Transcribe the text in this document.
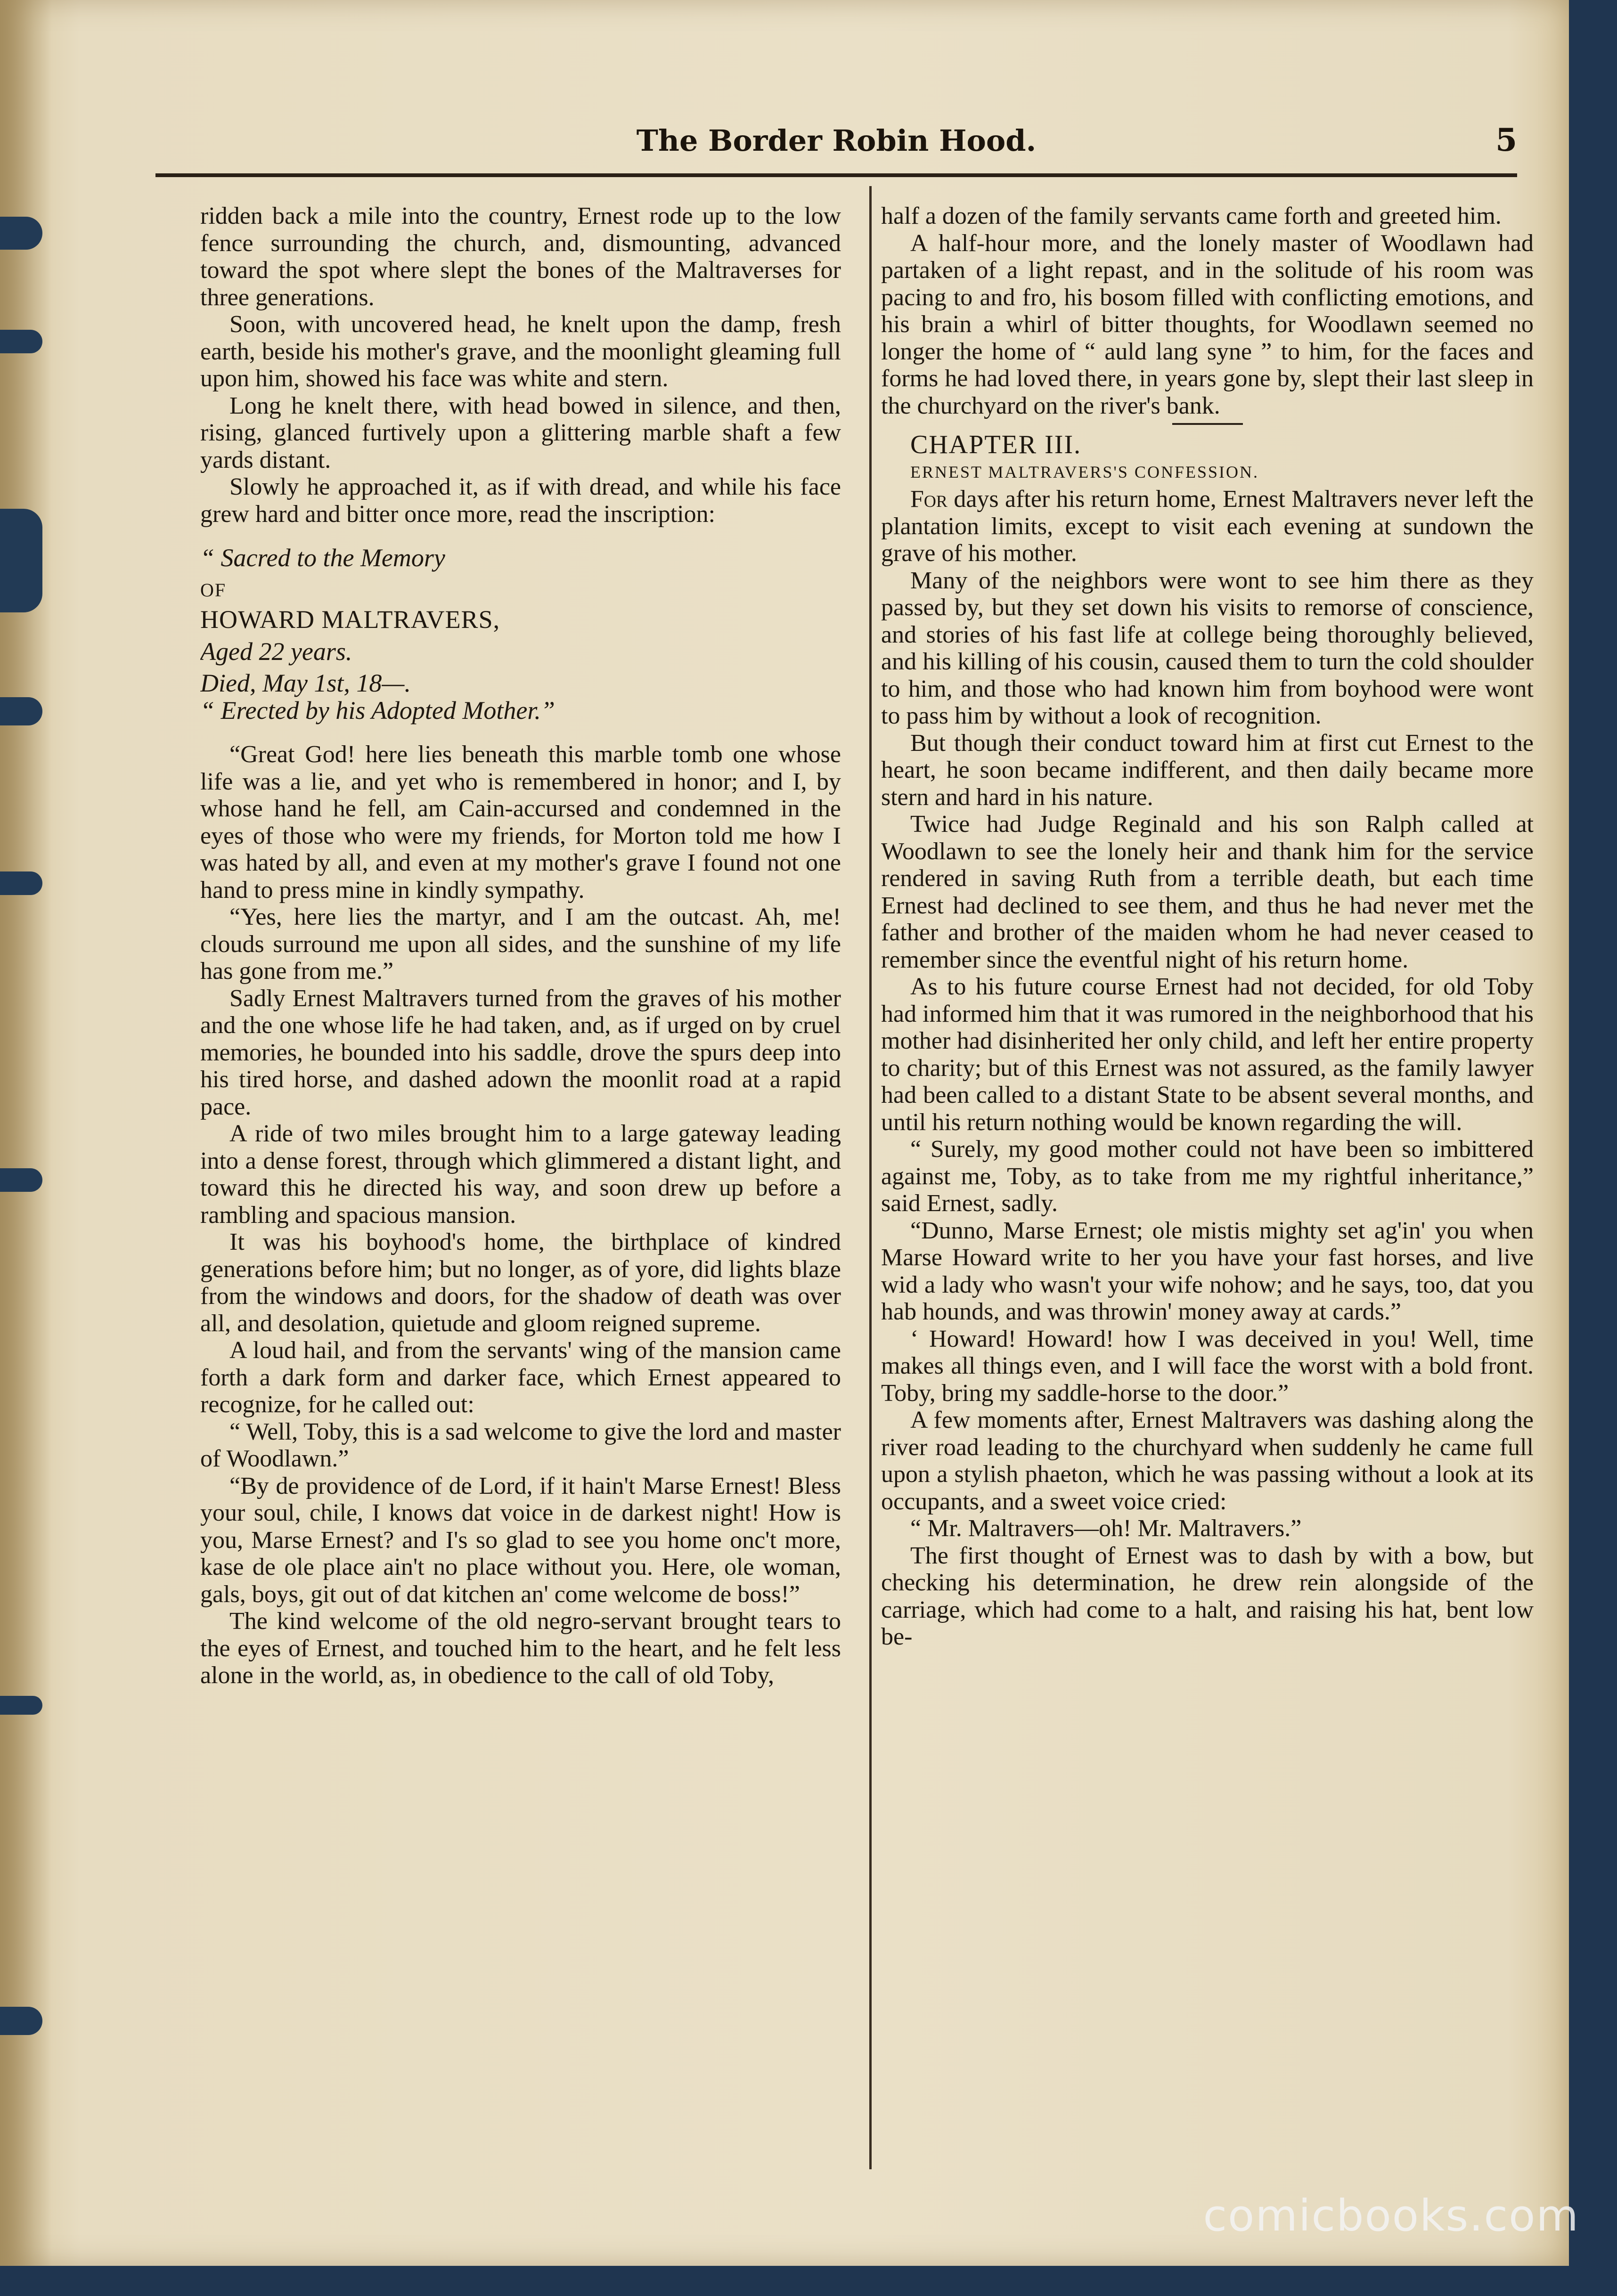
The Border Robin Hood.	5

ridden back a mile into the country, Ernest rode up to the low fence surrounding the church, and, dismounting, advanced toward the spot where slept the bones of the Maltraverses for three generations.

Soon, with uncovered head, he knelt upon the damp, fresh earth, beside his mother's grave, and the moonlight gleaming full upon him, showed his face was white and stern.

Long he knelt there, with head bowed in silence, and then, rising, glanced furtively upon a glittering marble shaft a few yards distant.

Slowly he approached it, as if with dread, and while his face grew hard and bitter once more, read the inscription:

“ Sacred to the Memory

OF

HOWARD MALTRAVERS,

Aged 22 years.

Died, May 1st, 18—.

“ Erected by his Adopted Mother.”

“Great God! here lies beneath this marble tomb one whose life was a lie, and yet who is remembered in honor; and I, by whose hand he fell, am Cain-accursed and condemned in the eyes of those who were my friends, for Morton told me how I was hated by all, and even at my mother's grave I found not one hand to press mine in kindly sympathy.

“Yes, here lies the martyr, and I am the outcast. Ah, me! clouds surround me upon all sides, and the sunshine of my life has gone from me.”

Sadly Ernest Maltravers turned from the graves of his mother and the one whose life he had taken, and, as if urged on by cruel memories, he bounded into his saddle, drove the spurs deep into his tired horse, and dashed adown the moonlit road at a rapid pace.

A ride of two miles brought him to a large gateway leading into a dense forest, through which glimmered a distant light, and toward this he directed his way, and soon drew up before a rambling and spacious mansion.

It was his boyhood's home, the birthplace of kindred generations before him; but no longer, as of yore, did lights blaze from the windows and doors, for the shadow of death was over all, and desolation, quietude and gloom reigned supreme.

A loud hail, and from the servants' wing of the mansion came forth a dark form and darker face, which Ernest appeared to recognize, for he called out:

“ Well, Toby, this is a sad welcome to give the lord and master of Woodlawn.”

“By de providence of de Lord, if it hain't Marse Ernest! Bless your soul, chile, I knows dat voice in de darkest night! How is you, Marse Ernest? and I's so glad to see you home onc't more, kase de ole place ain't no place without you. Here, ole woman, gals, boys, git out of dat kitchen an' come welcome de boss!”

The kind welcome of the old negro-servant brought tears to the eyes of Ernest, and touched him to the heart, and he felt less alone in the world, as, in obedience to the call of old Toby,

half a dozen of the family servants came forth and greeted him.

A half-hour more, and the lonely master of Woodlawn had partaken of a light repast, and in the solitude of his room was pacing to and fro, his bosom filled with conflicting emotions, and his brain a whirl of bitter thoughts, for Woodlawn seemed no longer the home of “ auld lang syne ” to him, for the faces and forms he had loved there, in years gone by, slept their last sleep in the churchyard on the river's bank.

CHAPTER III.

ERNEST MALTRAVERS'S CONFESSION.

For days after his return home, Ernest Maltravers never left the plantation limits, except to visit each evening at sundown the grave of his mother.

Many of the neighbors were wont to see him there as they passed by, but they set down his visits to remorse of conscience, and stories of his fast life at college being thoroughly believed, and his killing of his cousin, caused them to turn the cold shoulder to him, and those who had known him from boyhood were wont to pass him by without a look of recognition.

But though their conduct toward him at first cut Ernest to the heart, he soon became indifferent, and then daily became more stern and hard in his nature.

Twice had Judge Reginald and his son Ralph called at Woodlawn to see the lonely heir and thank him for the service rendered in saving Ruth from a terrible death, but each time Ernest had declined to see them, and thus he had never met the father and brother of the maiden whom he had never ceased to remember since the eventful night of his return home.

As to his future course Ernest had not decided, for old Toby had informed him that it was rumored in the neighborhood that his mother had disinherited her only child, and left her entire property to charity; but of this Ernest was not assured, as the family lawyer had been called to a distant State to be absent several months, and until his return nothing would be known regarding the will.

“ Surely, my good mother could not have been so imbittered against me, Toby, as to take from me my rightful inheritance,” said Ernest, sadly.

“Dunno, Marse Ernest; ole mistis mighty set ag'in' you when Marse Howard write to her you have your fast horses, and live wid a lady who wasn't your wife nohow; and he says, too, dat you hab hounds, and was throwin' money away at cards.”

‘ Howard! Howard! how I was deceived in you! Well, time makes all things even, and I will face the worst with a bold front. Toby, bring my saddle-horse to the door.”

A few moments after, Ernest Maltravers was dashing along the river road leading to the churchyard when suddenly he came full upon a stylish phaeton, which he was passing without a look at its occupants, and a sweet voice cried:

“ Mr. Maltravers—oh! Mr. Maltravers.”

The first thought of Ernest was to dash by with a bow, but checking his determination, he drew rein alongside of the carriage, which had come to a halt, and raising his hat, bent low be-

comicbooks.com
